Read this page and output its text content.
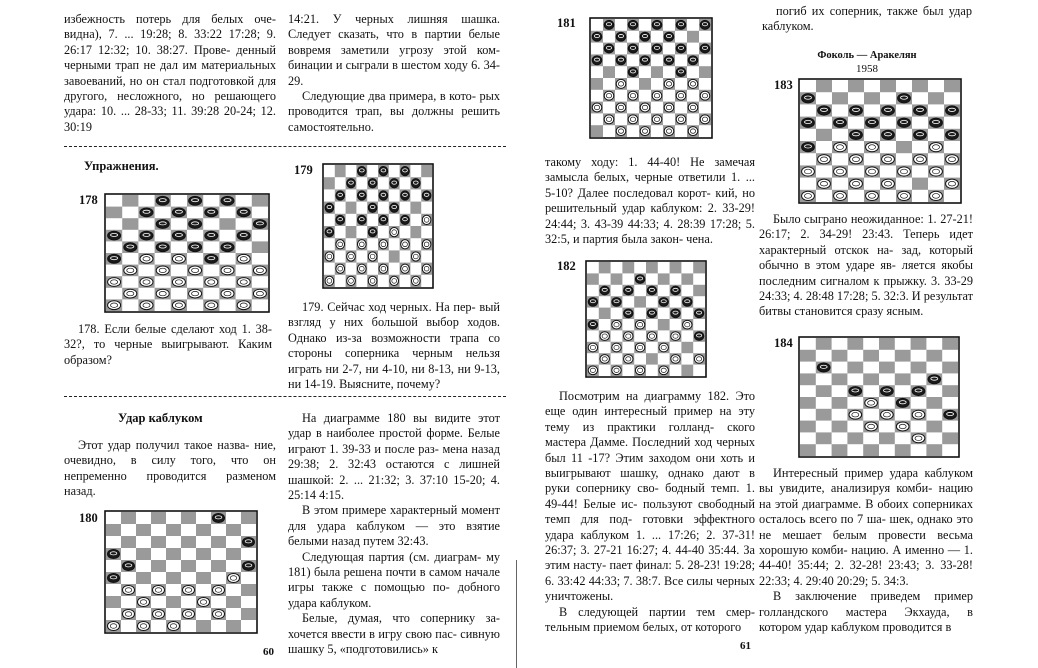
избежность потерь для белых оче- видна), 7. ... 19:28; 8. 33:22 17:28; 9. 26:17 12:32; 10. 38:27. Прове- денный черными трап не дал им материальных завоеваний, но он стал подготовкой для другого, несложного, но решающего удара: 10. ... 28-33; 11. 39:28 20-24; 12. 30:19

14:21. У черных лишняя шашка. Следует сказать, что в партии белые вовремя заметили угрозу этой ком- бинации и сыграли в шестом ходу 6. 34-29.

Следующие два примера, в кото- рых проводится трап, вы должны решить самостоятельно.

Упражнения.
178
179

178. Если белые сделают ход 1. 38-32?, то черные выигрывают. Каким образом?

179. Сейчас ход черных. На пер- вый взгляд у них большой выбор ходов. Однако из-за возможности трапа со стороны соперника черным нельзя играть ни 2-7, ни 4-10, ни 8-13, ни 9-13, ни 14-19. Выясните, почему?

Удар каблуком

Этот удар получил такое назва- ние, очевидно, в силу того, что он непременно проводится разменом назад.

180

На диаграмме 180 вы видите этот удар в наиболее простой форме. Белые играют 1. 39-33 и после раз- мена назад 29:38; 2. 32:43 остаются с лишней шашкой: 2. ... 21:32; 3. 37:10 15-20; 4. 25:14 4:15.

В этом примере характерный момент для удара каблуком — это взятие белыми назад путем 32:43.

Следующая партия (см. диаграм- му 181) была решена почти в самом начале игры также с помощью по- добного удара каблуком.

Белые, думая, что сопернику за- хочется ввести в игру свою пас- сивную шашку 5, «подготовились» к

60
181

такому ходу: 1. 44-40! Не замечая замысла белых, черные ответили 1. ... 5-10? Далее последовал корот- кий, но решительный удар каблуком: 2. 33-29! 24:44; 3. 43-39 44:33; 4. 28:39 17:28; 5. 32:5, и партия была закон- чена.

182

Посмотрим на диаграмму 182. Это еще один интересный пример на эту тему из практики голланд- ского мастера Дамме. Последний ход черных был 11 -17? Этим заходом они хоть и выигрывают шашку, однако дают в руки сопернику сво- бодный темп. 1. 49-44! Белые ис- пользуют свободный темп для под- готовки эффектного удара каблуком 1. ... 17:26; 2. 37-31! 26:37; 3. 27-21 16:27; 4. 44-40 35:44. За этим насту- пает финал: 5. 28-23! 19:28; 6. 33:42 44:33; 7. 38:7. Все силы черных уничтожены.

В следующей партии тем смер- тельным приемом белых, от которого

61

погиб их соперник, также был удар каблуком.

Фоколь — Аракелян
1958
183

Было сыграно неожиданное: 1. 27-21! 26:17; 2. 34-29! 23:43. Теперь идет характерный отскок на- зад, который обычно в этом ударе яв- ляется якобы последним сигналом к прыжку. 3. 33-29 24:33; 4. 28:48 17:28; 5. 32:3. И результат битвы становится сразу ясным.

184

Интересный пример удара каблуком вы увидите, анализируя комби- нацию на этой диаграмме. В обоих соперниках осталось всего по 7 ша- шек, однако это не мешает белым провести весьма хорошую комби- нацию. А именно — 1. 44-40! 35:44; 2. 32-28! 23:43; 3. 33-28! 22:33; 4. 29:40 20:29; 5. 34:3.

В заключение приведем пример голландского мастера Экхауда, в котором удар каблуком проводится в
